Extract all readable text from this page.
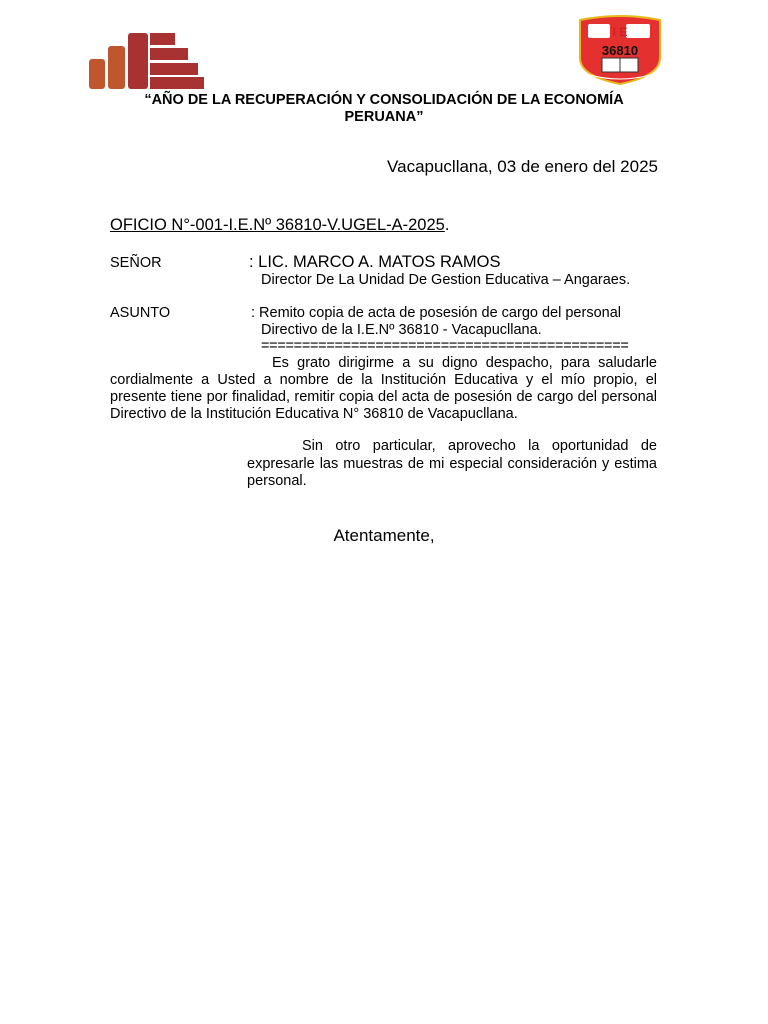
I E
36810
“AÑO DE LA RECUPERACIÓN Y CONSOLIDACIÓN DE LA ECONOMÍA PERUANA”
Vacapucllana, 03 de enero del 2025
OFICIO N°-001-I.E.Nº 36810-V.UGEL-A-2025.
SEÑOR	: LIC. MARCO A. MATOS RAMOS
Director De La Unidad De Gestion Educativa – Angaraes.
ASUNTO	: Remito copia de acta de posesión de cargo del personal
Directivo de la I.E.Nº 36810 - Vacapucllana.
=============================================
Es grato dirigirme a su digno despacho, para saludarle cordialmente a Usted a nombre de la Institución Educativa y el mío propio, el presente tiene por finalidad, remitir copia del acta de posesión de cargo del personal Directivo de la Institución Educativa N° 36810 de Vacapucllana.
Sin otro particular, aprovecho la oportunidad de expresarle las muestras de mi especial consideración y estima personal.
Atentamente,
